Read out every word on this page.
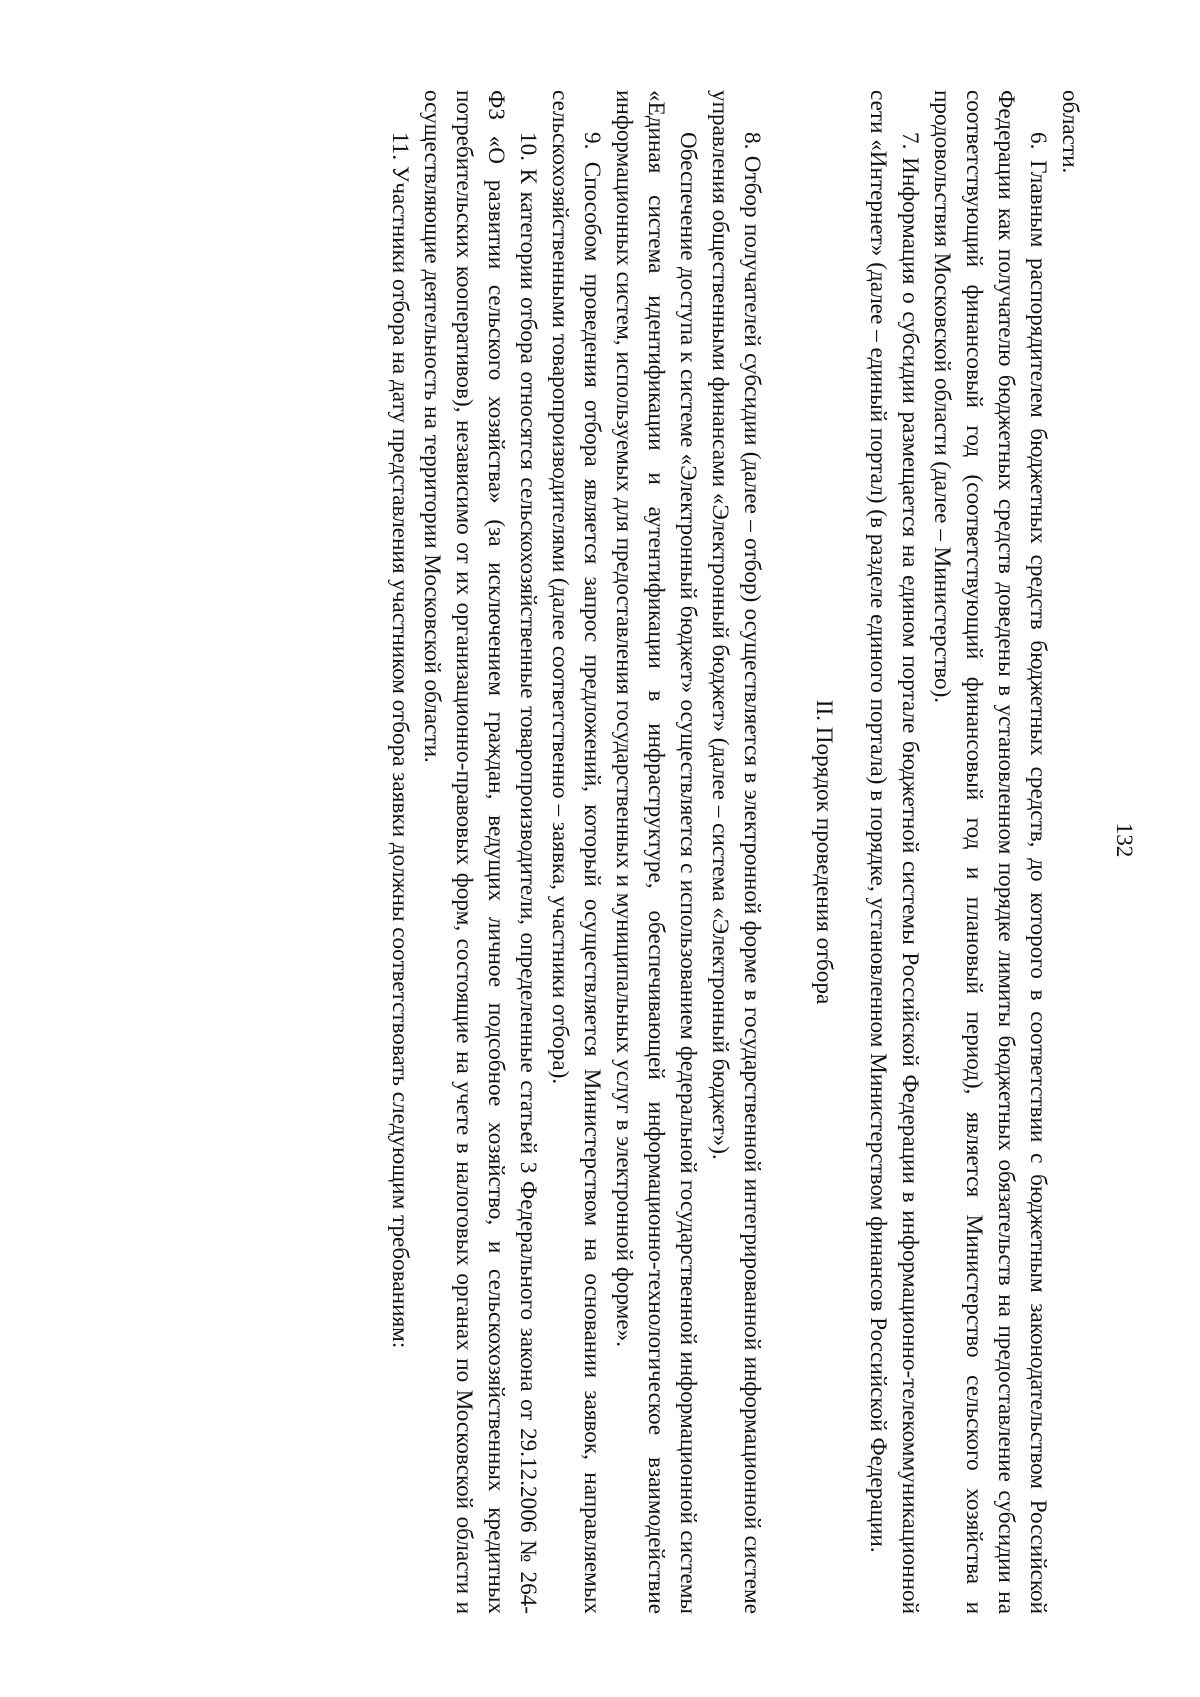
132

области.

6. Главным распорядителем бюджетных средств бюджетных средств, до которого в соответствии с бюджетным законодательством Российской Федерации как получателю бюджетных средств доведены в установленном порядке лимиты бюджетных обязательств на предоставление субсидии на соответствующий финансовый год (соответствующий финансовый год и плановый период), является Министерство сельского хозяйства и продовольствия Московской области (далее – Министерство).

7. Информация о субсидии размещается на едином портале бюджетной системы Российской Федерации в информационно-телекоммуникационной сети «Интернет» (далее – единый портал) (в разделе единого портала) в порядке, установленном Министерством финансов Российской Федерации.

II. Порядок проведения отбора

8. Отбор получателей субсидии (далее – отбор) осуществляется в электронной форме в государственной интегрированной информационной системе управления общественными финансами «Электронный бюджет» (далее – система «Электронный бюджет»).

Обеспечение доступа к системе «Электронный бюджет» осуществляется с использованием федеральной государственной информационной системы «Единая система идентификации и аутентификации в инфраструктуре, обеспечивающей информационно-технологическое взаимодействие информационных систем, используемых для предоставления государственных и муниципальных услуг в электронной форме».

9. Способом проведения отбора является запрос предложений, который осуществляется Министерством на основании заявок, направляемых сельскохозяйственными товаропроизводителями (далее соответственно – заявка, участники отбора).

10. К категории отбора относятся сельскохозяйственные товаропроизводители, определенные статьей 3 Федерального закона от 29.12.2006 № 264-ФЗ «О развитии сельского хозяйства» (за исключением граждан, ведущих личное подсобное хозяйство, и сельскохозяйственных кредитных потребительских кооперативов), независимо от их организационно-правовых форм, состоящие на учете в налоговых органах по Московской области и осуществляющие деятельность на территории Московской области.

11. Участники отбора на дату представления участником отбора заявки должны соответствовать следующим требованиям:
